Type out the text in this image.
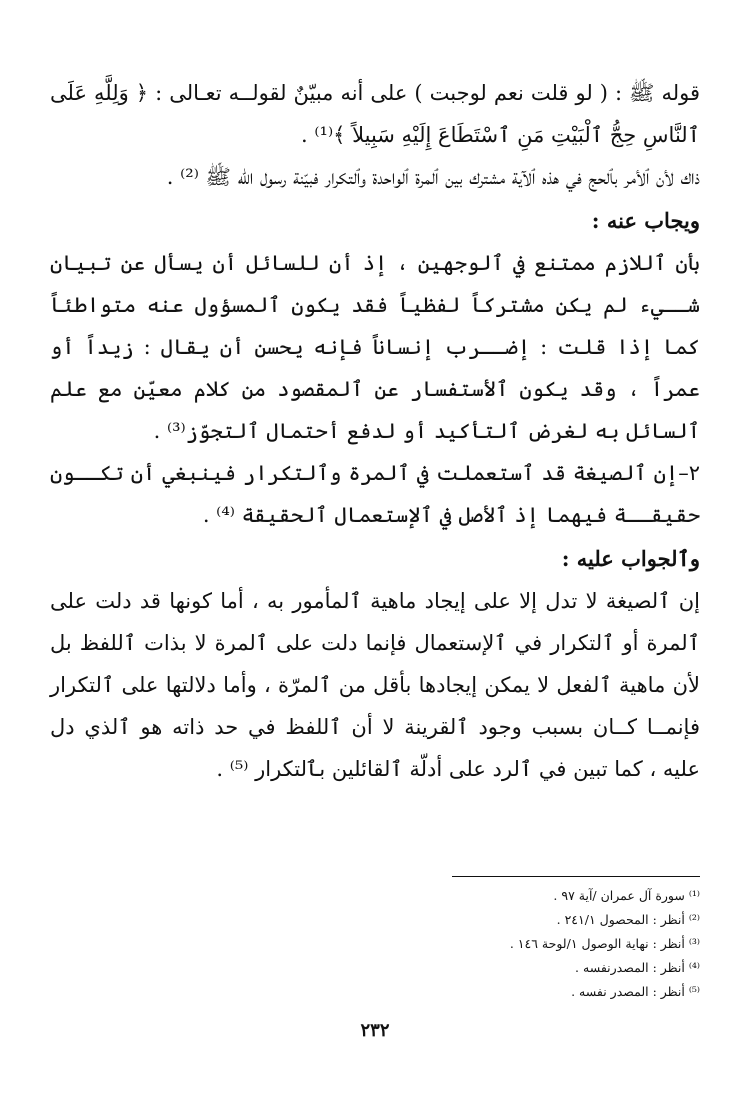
قوله ﷺ : ( لو قلت نعم لوجبت ) على أنه مبيّنٌ لقولــه تعـالى : ﴿ وَلِلَّهِ عَلَى ٱلنَّاسِ حِجُّ ٱلْبَيْتِ مَنِ ٱسْتَطَاعَ إِلَيْهِ سَبِيلاً ﴾⁽¹⁾ .

ذاك لأن ٱلأمر بٱلحج في هذه ٱلآية مشترك بين ٱلمرة ٱلواحدة وٱلتكرار فبيّنة رسول الله ﷺ ⁽²⁾ .

ويجاب عنه :

بأن ٱللازم ممتنع في ٱلوجهين ، إذ أن للسائل أن يسأل عن تبيان شــيء لم يكن مشتركاً لفظياً فقد يكون ٱلمسؤول عنه متواطئاً كما إذا قلت : إضــرب إنساناً فإنه يحسن أن يقال : زيداً أو عمراً ، وقد يكون ٱلأستفسار عن ٱلمقصود من كلام معيّن مع علم ٱلسائل به لغرض ٱلتأكيد أو لدفع أحتمال ٱلتجوّز⁽³⁾ .

٢–إن ٱلصيغة قد ٱستعملت في ٱلمرة وٱلتكرار فينبغي أن تكــون حقيقــة فيهما إذ ٱلأصل في ٱلإستعمال ٱلحقيقة ⁽⁴⁾ .

وٱلجواب عليه :

إن ٱلصيغة لا تدل إلا على إيجاد ماهية ٱلمأمور به ، أما كونها قد دلت على ٱلمرة أو ٱلتكرار في ٱلإستعمال فإنما دلت على ٱلمرة لا بذات ٱللفظ بل لأن ماهية ٱلفعل لا يمكن إيجادها بأقل من ٱلمرّة ، وأما دلالتها على ٱلتكرار فإنمــا كــان بسبب وجود ٱلقرينة لا أن ٱللفظ في حد ذاته هو ٱلذي دل عليه ، كما تبين في ٱلرد على أدلّة ٱلقائلين بٱلتكرار ⁽⁵⁾ .

⁽¹⁾ سورة آل عمران /آية ٩٧ .

⁽²⁾ أنظر : المحصول ٢٤١/١ .

⁽³⁾ أنظر : نهاية الوصول ١/لوحة ١٤٦ .

⁽⁴⁾ أنظر : المصدرنفسه .

⁽⁵⁾ أنظر : المصدر نفسه .

٢٣٢
